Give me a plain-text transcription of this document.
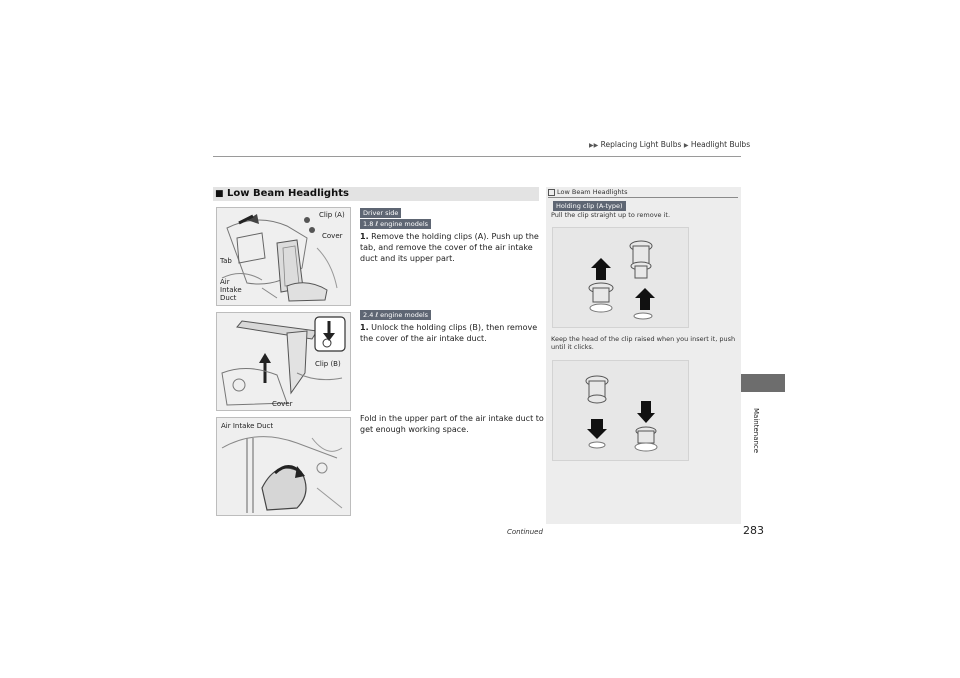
▶▶ Replacing Light Bulbs ▶ Headlight Bulbs
Maintenance
■ Low Beam Headlights
Clip (A)
Cover
Tab
Air
Intake
Duct
Clip (B)
Cover
Air Intake Duct
Driver side
1.8 ℓ engine models
1. Remove the holding clips (A). Push up the tab, and remove the cover of the air intake duct and its upper part.
2.4 ℓ engine models
1. Unlock the holding clips (B), then remove the cover of the air intake duct.
Fold in the upper part of the air intake duct to get enough working space.
Low Beam Headlights
Holding clip (A-type)
Pull the clip straight up to remove it.
Keep the head of the clip raised when you insert it, push until it clicks.
Continued	283
